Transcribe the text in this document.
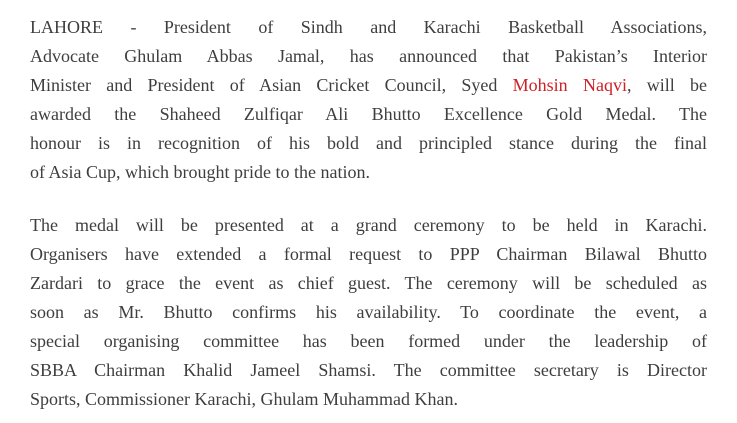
LAHORE - President of Sindh and Karachi Basketball Associations,
Advocate Ghulam Abbas Jamal, has announced that Pakistan’s Interior
Minister and President of Asian Cricket Council, Syed Mohsin Naqvi, will be
awarded the Shaheed Zulfiqar Ali Bhutto Excellence Gold Medal. The
honour is in recognition of his bold and principled stance during the final
of Asia Cup, which brought pride to the nation.

The medal will be presented at a grand ceremony to be held in Karachi.
Organisers have extended a formal request to PPP Chairman Bilawal Bhutto
Zardari to grace the event as chief guest. The ceremony will be scheduled as
soon as Mr. Bhutto confirms his availability. To coordinate the event, a
special organising committee has been formed under the leadership of
SBBA Chairman Khalid Jameel Shamsi. The committee secretary is Director
Sports, Commissioner Karachi, Ghulam Muhammad Khan.
